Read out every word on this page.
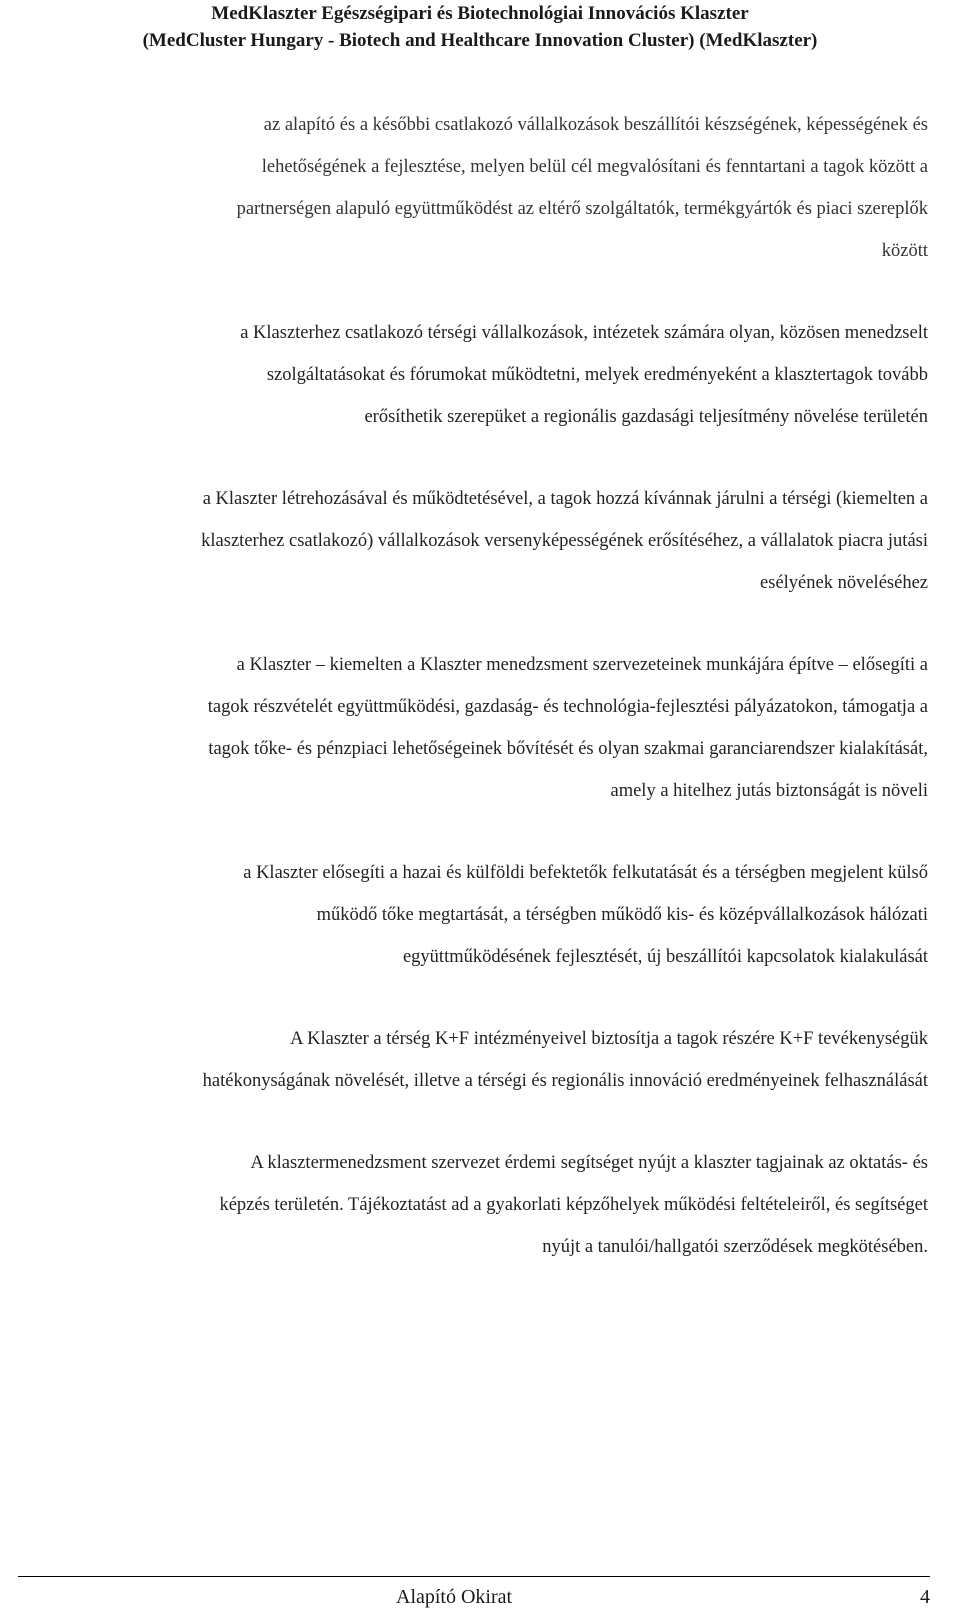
MedKlaszter Egészségipari és Biotechnológiai Innovációs Klaszter
(MedCluster Hungary - Biotech and Healthcare Innovation Cluster) (MedKlaszter)

az alapító és a későbbi csatlakozó vállalkozások beszállítói készségének, képességének és
lehetőségének a fejlesztése, melyen belül cél megvalósítani és fenntartani a tagok között a
partnerségen alapuló együttműködést az eltérő szolgáltatók, termékgyártók és piaci szereplők
között

a Klaszterhez csatlakozó térségi vállalkozások, intézetek számára olyan, közösen menedzselt
szolgáltatásokat és fórumokat működtetni, melyek eredményeként a klasztertagok tovább
erősíthetik szerepüket a regionális gazdasági teljesítmény növelése területén

a Klaszter létrehozásával és működtetésével, a tagok hozzá kívánnak járulni a térségi (kiemelten a
klaszterhez csatlakozó) vállalkozások versenyképességének erősítéséhez, a vállalatok piacra jutási
esélyének növeléséhez

a Klaszter – kiemelten a Klaszter menedzsment szervezeteinek munkájára építve – elősegíti a
tagok részvételét együttműködési, gazdaság- és technológia-fejlesztési pályázatokon, támogatja a
tagok tőke- és pénzpiaci lehetőségeinek bővítését és olyan szakmai garanciarendszer kialakítását,
amely a hitelhez jutás biztonságát is növeli

a Klaszter elősegíti a hazai és külföldi befektetők felkutatását és a térségben megjelent külső
működő tőke megtartását, a térségben működő kis- és középvállalkozások hálózati
együttműködésének fejlesztését, új beszállítói kapcsolatok kialakulását

A Klaszter a térség K+F intézményeivel biztosítja a tagok részére K+F tevékenységük
hatékonyságának növelését, illetve a térségi és regionális innováció eredményeinek felhasználását

A klasztermenedzsment szervezet érdemi segítséget nyújt a klaszter tagjainak az oktatás- és
képzés területén. Tájékoztatást ad a gyakorlati képzőhelyek működési feltételeiről, és segítséget
nyújt a tanulói/hallgatói szerződések megkötésében.

Alapító Okirat	4
